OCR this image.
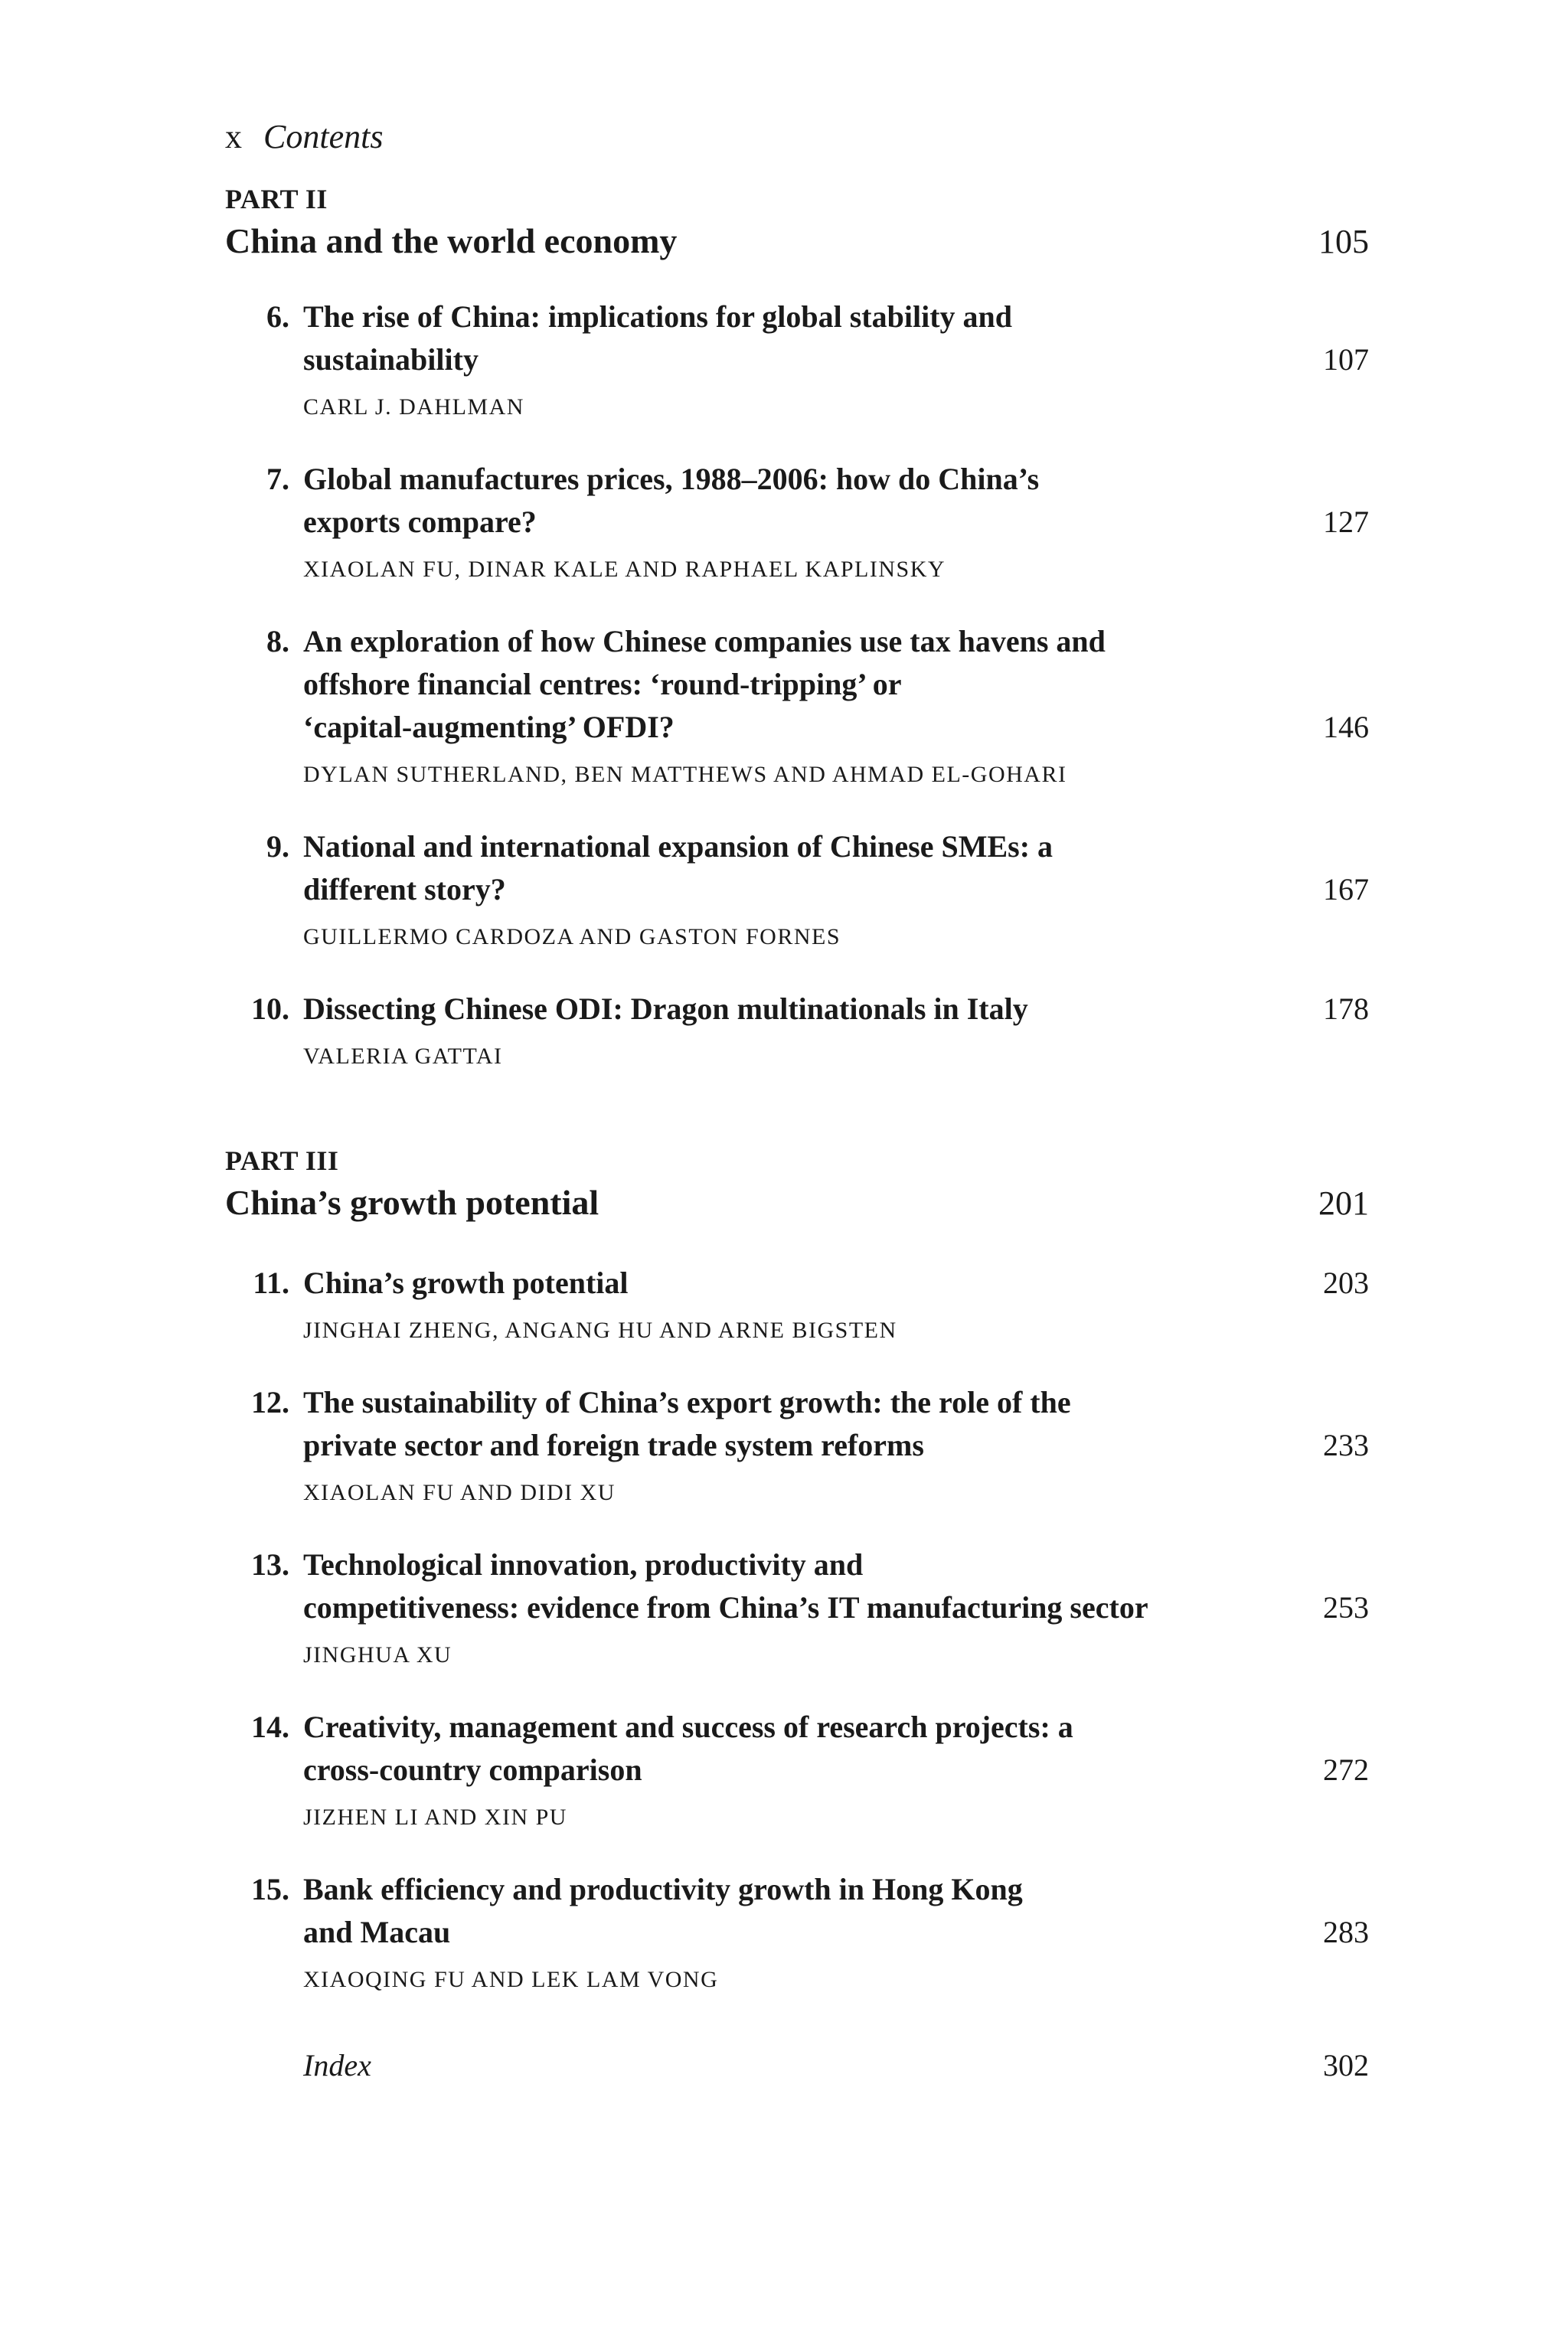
x Contents
PART II
China and the world economy	105
6. The rise of China: implications for global stability and
sustainability	107
CARL J. DAHLMAN
7. Global manufactures prices, 1988–2006: how do China’s
exports compare?	127
XIAOLAN FU, DINAR KALE AND RAPHAEL KAPLINSKY
8. An exploration of how Chinese companies use tax havens and
offshore financial centres: ‘round-tripping’ or
‘capital-augmenting’ OFDI?	146
DYLAN SUTHERLAND, BEN MATTHEWS AND AHMAD EL-GOHARI
9. National and international expansion of Chinese SMEs: a
different story?	167
GUILLERMO CARDOZA AND GASTON FORNES
10. Dissecting Chinese ODI: Dragon multinationals in Italy	178
VALERIA GATTAI
PART III
China’s growth potential	201
11. China’s growth potential	203
JINGHAI ZHENG, ANGANG HU AND ARNE BIGSTEN
12. The sustainability of China’s export growth: the role of the
private sector and foreign trade system reforms	233
XIAOLAN FU AND DIDI XU
13. Technological innovation, productivity and
competitiveness: evidence from China’s IT manufacturing sector	253
JINGHUA XU
14. Creativity, management and success of research projects: a
cross-country comparison	272
JIZHEN LI AND XIN PU
15. Bank efficiency and productivity growth in Hong Kong
and Macau	283
XIAOQING FU AND LEK LAM VONG
Index	302
